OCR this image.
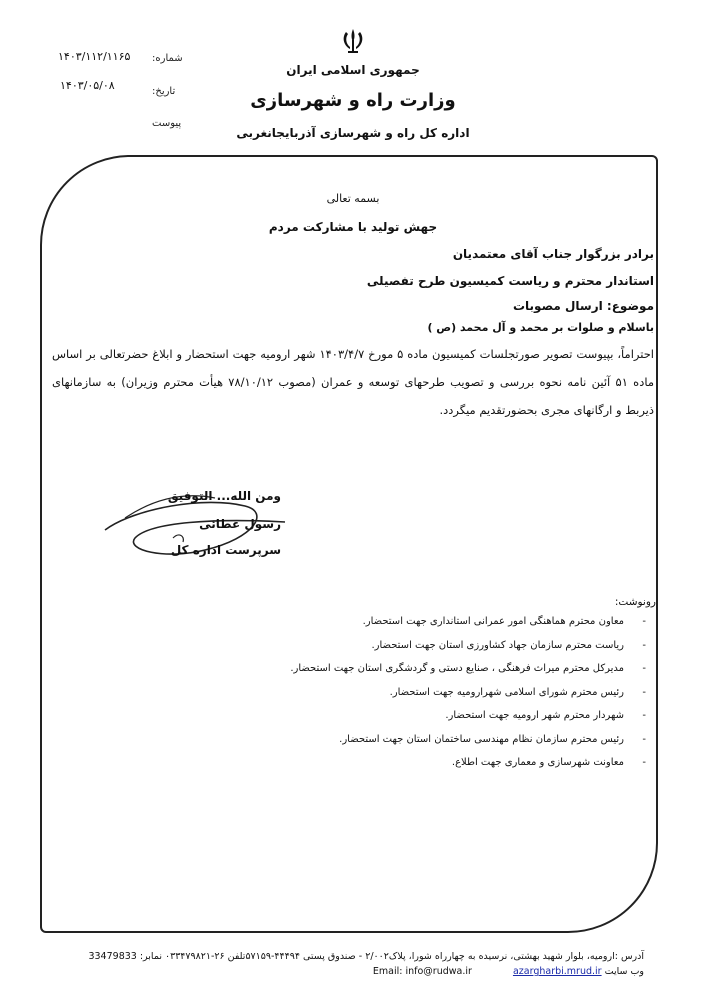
جمهوری اسلامی ایران
وزارت راه و شهرسازی
اداره کل راه و شهرسازی آذربایجانغربی
شماره:
۱۴۰۳/۱۱۲/۱۱۶۵
تاریخ:
۱۴۰۳/۰۵/۰۸
پیوست
بسمه تعالی
جهش تولید با مشارکت مردم
برادر بزرگوار جناب آقای معتمدیان
استاندار محترم و ریاست کمیسیون طرح تفصیلی
موضوع: ارسال مصوبات
باسلام و صلوات بر محمد و آل محمد (ص )
احتراماً، بپیوست تصویر صورتجلسات کمیسیون ماده ۵ مورخ ۱۴۰۳/۴/۷ شهر ارومیه جهت استحضار و ابلاغ حضرتعالی بر اساس ماده ۵۱ آئین نامه نحوه بررسی و تصویب طرحهای توسعه و عمران (مصوب ۷۸/۱۰/۱۲ هیأت محترم وزیران) به سازمانهای ذیربط و ارگانهای مجری بحضورتقدیم میگردد.
ومن الله... التوفیق
رسول عطائی
سرپرست اداره کل
رونوشت:
- معاون محترم هماهنگی امور عمرانی استانداری جهت استحضار.
- ریاست محترم سازمان جهاد کشاورزی استان جهت استحضار.
- مدیرکل محترم میراث فرهنگی ، صنایع دستی و گردشگری استان جهت استحضار.
- رئیس محترم شورای اسلامی شهرارومیه جهت استحضار.
- شهردار محترم شهر ارومیه جهت استحضار.
- رئیس محترم سازمان نظام مهندسی ساختمان استان جهت استحضار.
- معاونت شهرسازی و معماری جهت اطلاع.
آدرس :ارومیه، بلوار شهید بهشتی، نرسیده به چهارراه شورا، پلاک۲/۰۰۲ - صندوق پستی ۴۴۴۹۴-۵۷۱۵۹تلفن ۲۶-۰۳۳۴۷۹۸۲۱ نمابر: 33479833
وب سایت azargharbi.mrud.ir Email: info@rudwa.ir
